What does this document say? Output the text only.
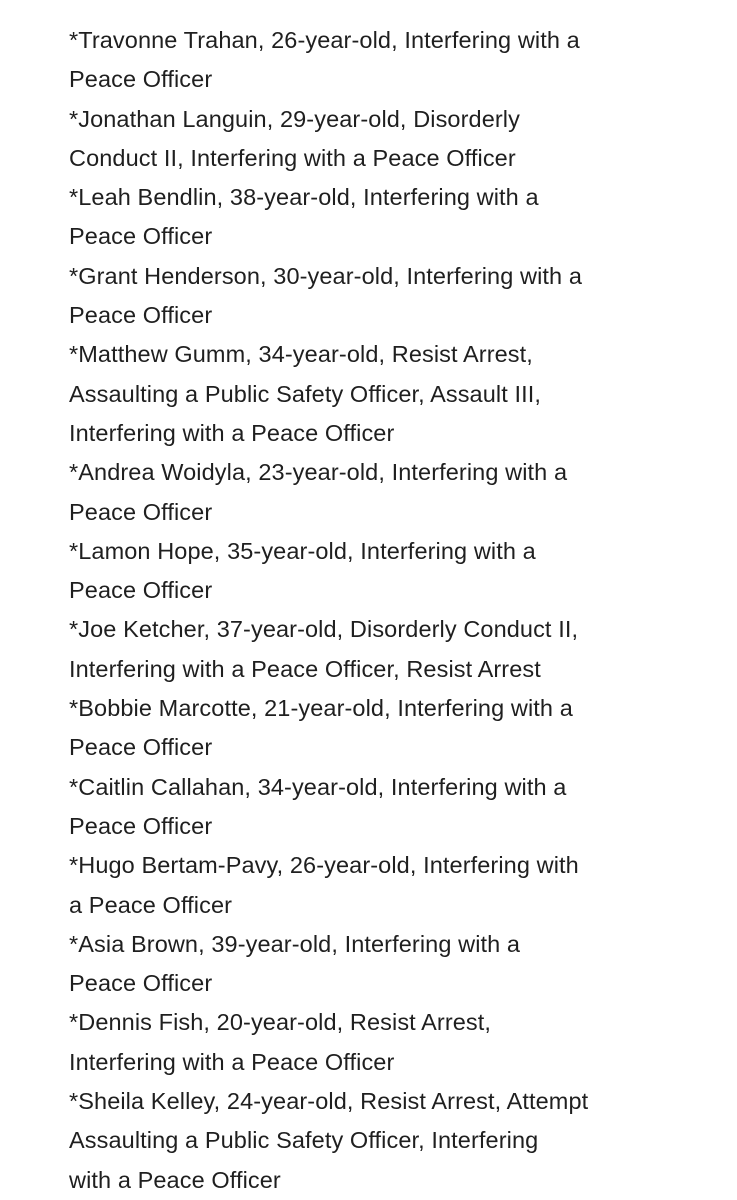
*Travonne Trahan, 26-year-old, Interfering with a
Peace Officer
*Jonathan Languin, 29-year-old, Disorderly
Conduct II, Interfering with a Peace Officer
*Leah Bendlin, 38-year-old, Interfering with a
Peace Officer
*Grant Henderson, 30-year-old, Interfering with a
Peace Officer
*Matthew Gumm, 34-year-old, Resist Arrest,
Assaulting a Public Safety Officer, Assault III,
Interfering with a Peace Officer
*Andrea Woidyla, 23-year-old, Interfering with a
Peace Officer
*Lamon Hope, 35-year-old, Interfering with a
Peace Officer
*Joe Ketcher, 37-year-old, Disorderly Conduct II,
Interfering with a Peace Officer, Resist Arrest
*Bobbie Marcotte, 21-year-old, Interfering with a
Peace Officer
*Caitlin Callahan, 34-year-old, Interfering with a
Peace Officer
*Hugo Bertam-Pavy, 26-year-old, Interfering with
a Peace Officer
*Asia Brown, 39-year-old, Interfering with a
Peace Officer
*Dennis Fish, 20-year-old, Resist Arrest,
Interfering with a Peace Officer
*Sheila Kelley, 24-year-old, Resist Arrest, Attempt
Assaulting a Public Safety Officer, Interfering
with a Peace Officer
